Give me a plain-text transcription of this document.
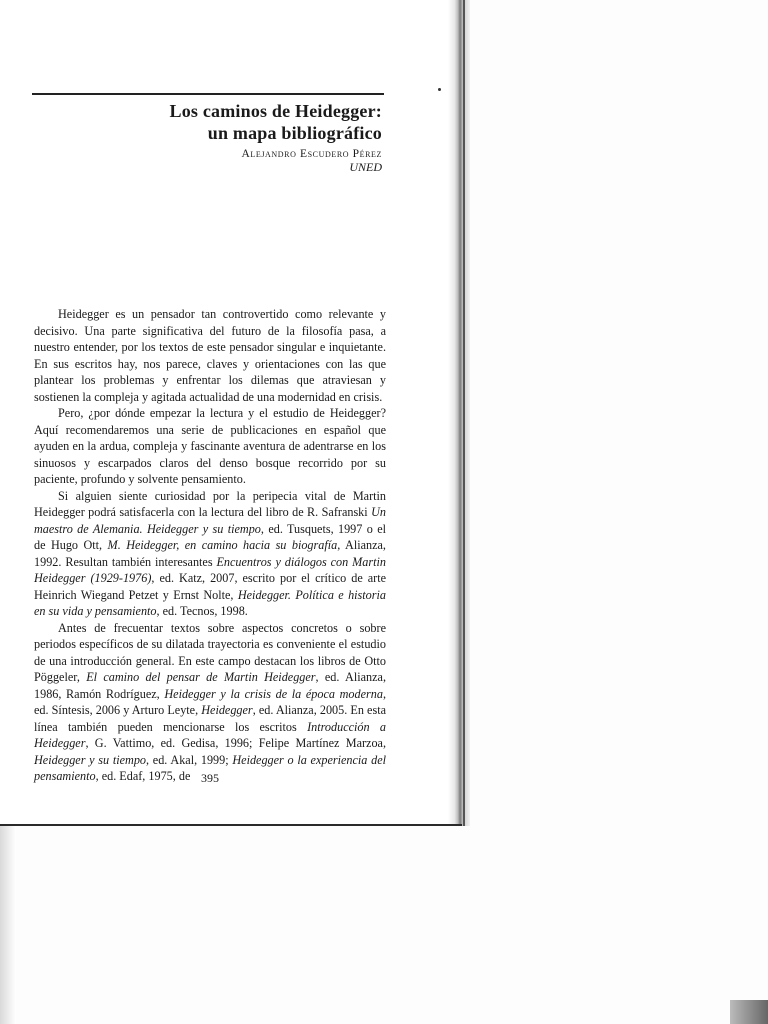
Los caminos de Heidegger:
un mapa bibliográfico
Alejandro Escudero Pérez
UNED

Heidegger es un pensador tan controvertido como relevante y decisivo. Una parte significativa del futuro de la filosofía pasa, a nuestro entender, por los textos de este pensador singular e inquietante. En sus escritos hay, nos parece, claves y orientaciones con las que plantear los problemas y enfrentar los dilemas que atraviesan y sostienen la compleja y agitada actualidad de una modernidad en crisis.

Pero, ¿por dónde empezar la lectura y el estudio de Heidegger? Aquí recomendaremos una serie de publicaciones en español que ayuden en la ardua, compleja y fascinante aventura de adentrarse en los sinuosos y escarpados claros del denso bosque recorrido por su paciente, profundo y solvente pensamiento.

Si alguien siente curiosidad por la peripecia vital de Martin Heidegger podrá satisfacerla con la lectura del libro de R. Safranski Un maestro de Alemania. Heidegger y su tiempo, ed. Tusquets, 1997 o el de Hugo Ott, M. Heidegger, en camino hacia su biografía, Alianza, 1992. Resultan también interesantes Encuentros y diálogos con Martin Heidegger (1929-1976), ed. Katz, 2007, escrito por el crítico de arte Heinrich Wiegand Petzet y Ernst Nolte, Heidegger. Política e historia en su vida y pensamiento, ed. Tecnos, 1998.

Antes de frecuentar textos sobre aspectos concretos o sobre periodos específicos de su dilatada trayectoria es conveniente el estudio de una introducción general. En este campo destacan los libros de Otto Pöggeler, El camino del pensar de Martin Heidegger, ed. Alianza, 1986, Ramón Rodríguez, Heidegger y la crisis de la época moderna, ed. Síntesis, 2006 y Arturo Leyte, Heidegger, ed. Alianza, 2005. En esta línea también pueden mencionarse los escritos Introducción a Heidegger, G. Vattimo, ed. Gedisa, 1996; Felipe Martínez Marzoa, Heidegger y su tiempo, ed. Akal, 1999; Heidegger o la experiencia del pensamiento, ed. Edaf, 1975, de 395
